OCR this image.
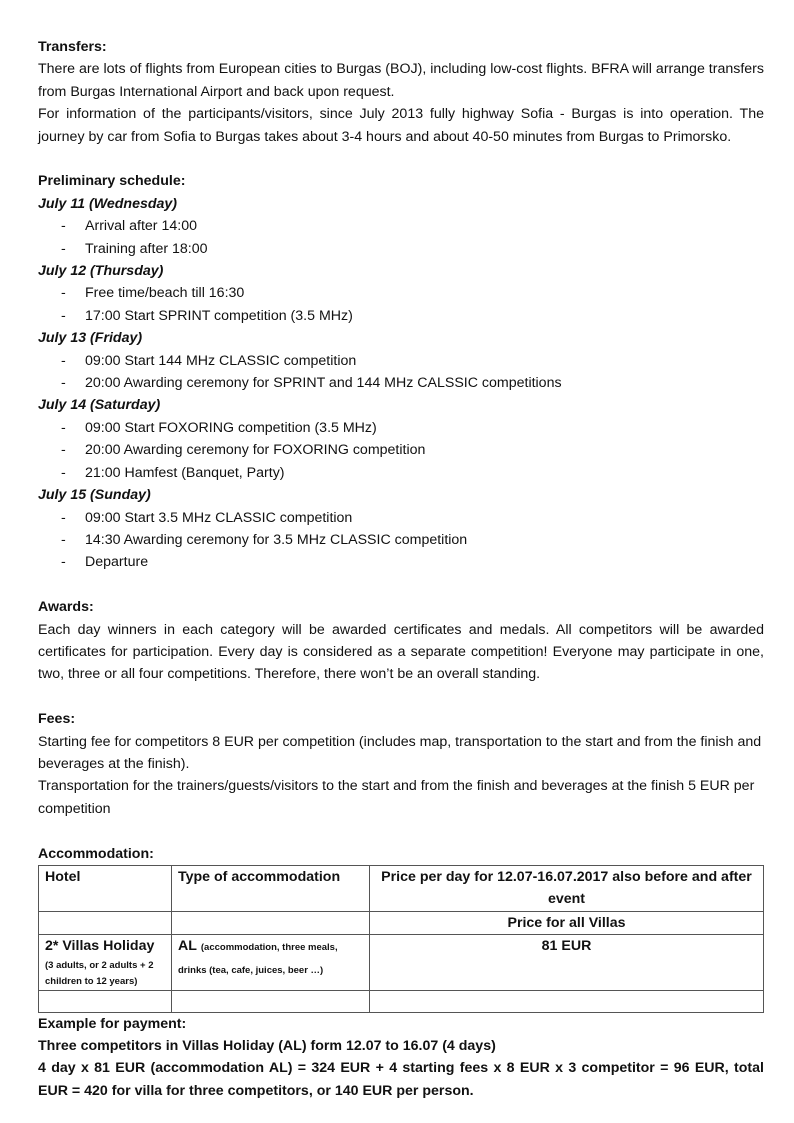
Transfers:

There are lots of flights from European cities to Burgas (BOJ), including low-cost flights. BFRA will arrange transfers from Burgas International Airport and back upon request.

For information of the participants/visitors, since July 2013 fully highway Sofia - Burgas is into operation. The journey by car from Sofia to Burgas takes about 3-4 hours and about 40-50 minutes from Burgas to Primorsko.

Preliminary schedule:

July 11 (Wednesday)

- Arrival after 14:00
- Training after 18:00

July 12 (Thursday)

- Free time/beach till 16:30
- 17:00 Start SPRINT competition (3.5 MHz)

July 13 (Friday)

- 09:00 Start 144 MHz CLASSIC competition
- 20:00 Awarding ceremony for SPRINT and 144 MHz CALSSIC competitions

July 14 (Saturday)

- 09:00 Start FOXORING competition (3.5 MHz)
- 20:00 Awarding ceremony for FOXORING competition
- 21:00 Hamfest (Banquet, Party)

July 15 (Sunday)

- 09:00 Start 3.5 MHz CLASSIC competition
- 14:30 Awarding ceremony for 3.5 MHz CLASSIC competition
- Departure

Awards:

Each day winners in each category will be awarded certificates and medals. All competitors will be awarded certificates for participation. Every day is considered as a separate competition! Everyone may participate in one, two, three or all four competitions. Therefore, there won’t be an overall standing.

Fees:

Starting fee for competitors 8 EUR per competition (includes map, transportation to the start and from the finish and beverages at the finish).

Transportation for the trainers/guests/visitors to the start and from the finish and beverages at the finish 5 EUR per competition

Accommodation:

Hotel	Type of accommodation	Price per day for 12.07-16.07.2017 also before and after event
		Price for all Villas

2* Villas Holiday
(3 adults, or 2 adults + 2 children to 12 years)	AL (accommodation, three meals, drinks (tea, cafe, juices, beer …)	81 EUR

Example for payment:

Three competitors in Villas Holiday (AL) form 12.07 to 16.07 (4 days)

4 day x 81 EUR (accommodation AL) = 324 EUR + 4 starting fees x 8 EUR x 3 competitor = 96 EUR, total EUR = 420 for villa for three competitors, or 140 EUR per person.
